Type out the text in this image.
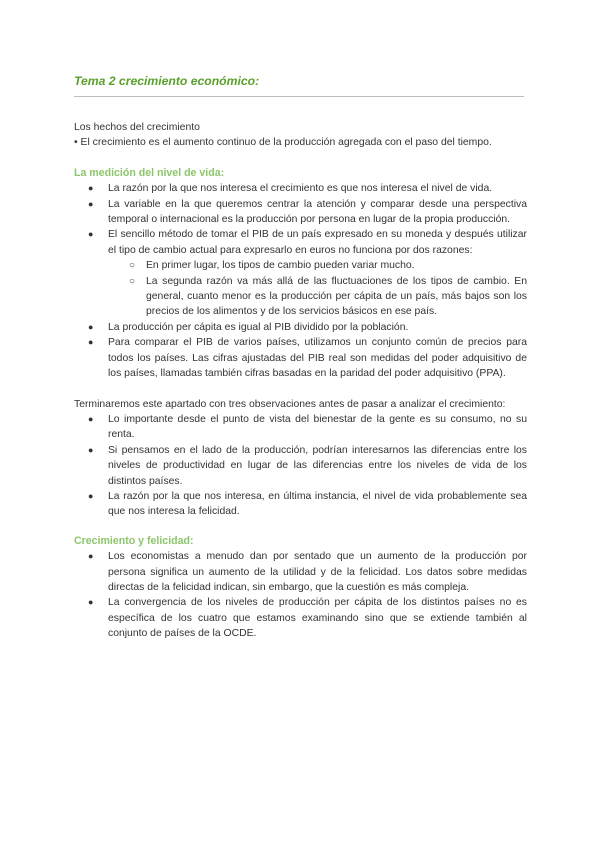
Tema 2 crecimiento económico:

Los hechos del crecimiento

• El crecimiento es el aumento continuo de la producción agregada con el paso del tiempo.

La medición del nivel de vida:
● La razón por la que nos interesa el crecimiento es que nos interesa el nivel de vida.
● La variable en la que queremos centrar la atención y comparar desde una perspectiva temporal o internacional es la producción por persona en lugar de la propia producción.
● El sencillo método de tomar el PIB de un país expresado en su moneda y después utilizar el tipo de cambio actual para expresarlo en euros no funciona por dos razones:
○ En primer lugar, los tipos de cambio pueden variar mucho.
○ La segunda razón va más allá de las fluctuaciones de los tipos de cambio. En general, cuanto menor es la producción per cápita de un país, más bajos son los precios de los alimentos y de los servicios básicos en ese país.
● La producción per cápita es igual al PIB dividido por la población.
● Para comparar el PIB de varios países, utilizamos un conjunto común de precios para todos los países. Las cifras ajustadas del PIB real son medidas del poder adquisitivo de los países, llamadas también cifras basadas en la paridad del poder adquisitivo (PPA).

Terminaremos este apartado con tres observaciones antes de pasar a analizar el crecimiento:

● Lo importante desde el punto de vista del bienestar de la gente es su consumo, no su renta.
● Si pensamos en el lado de la producción, podrían interesarnos las diferencias entre los niveles de productividad en lugar de las diferencias entre los niveles de vida de los distintos países.
● La razón por la que nos interesa, en última instancia, el nivel de vida probablemente sea que nos interesa la felicidad.
Crecimiento y felicidad:
● Los economistas a menudo dan por sentado que un aumento de la producción por persona significa un aumento de la utilidad y de la felicidad. Los datos sobre medidas directas de la felicidad indican, sin embargo, que la cuestión es más compleja.
● La convergencia de los niveles de producción per cápita de los distintos países no es específica de los cuatro que estamos examinando sino que se extiende también al conjunto de países de la OCDE.
